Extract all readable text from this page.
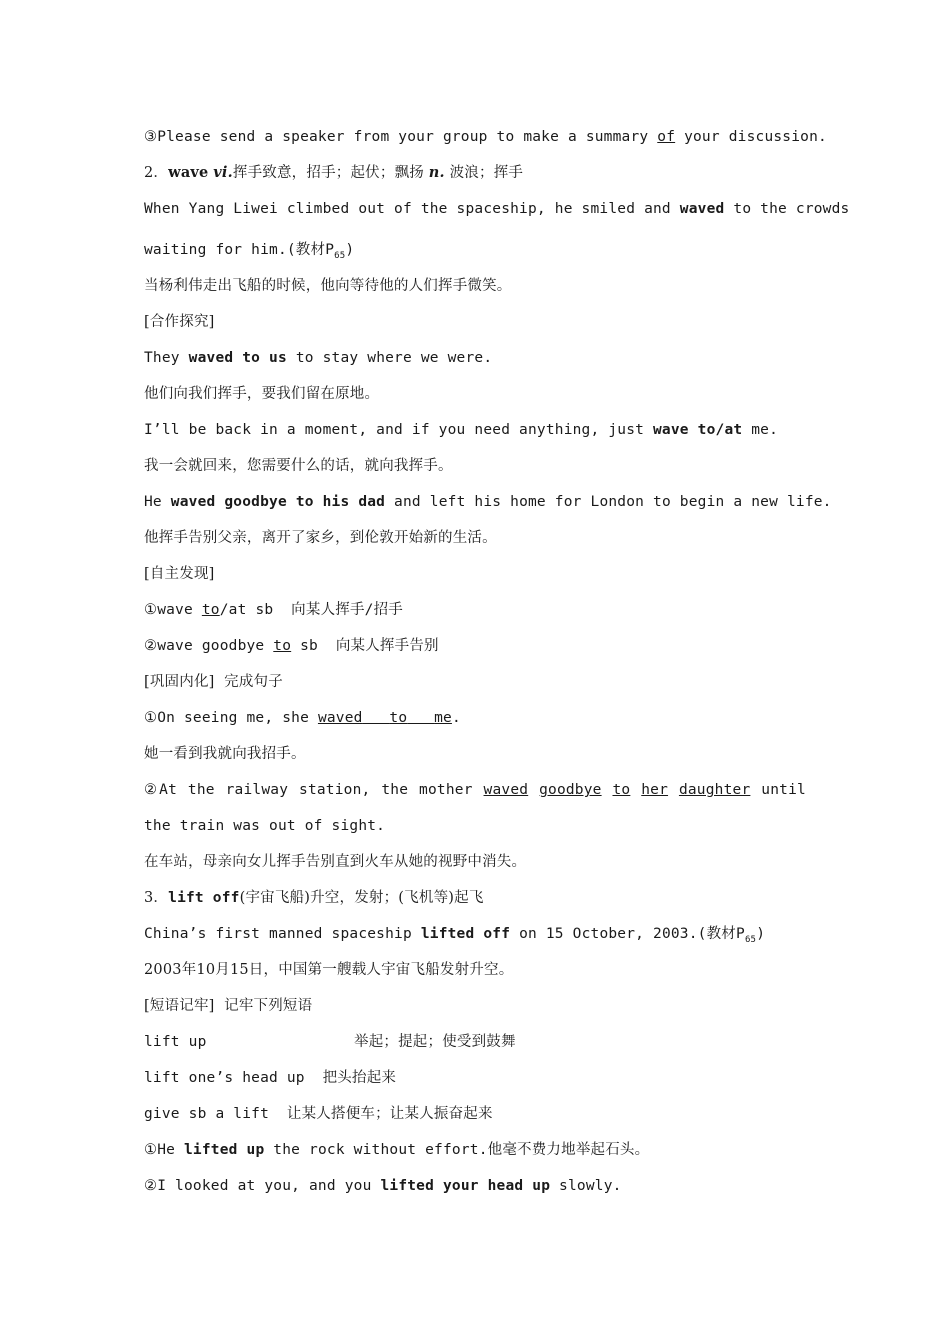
③Please send a speaker from your group to make a summary of your discussion.
2．wave vi.挥手致意，招手；起伏；飘扬 n. 波浪；挥手
When Yang Liwei climbed out of the spaceship, he smiled and waved to the crowds
waiting for him.(教材$P_{65}$)
当杨利伟走出飞船的时候，他向等待他的人们挥手微笑。
[合作探究]
They waved to us to stay where we were.
他们向我们挥手，要我们留在原地。
I’ll be back in a moment, and if you need anything, just wave to/at me.
我一会就回来，您需要什么的话，就向我挥手。
He waved goodbye to his dad and left his home for London to begin a new life.
他挥手告别父亲，离开了家乡，到伦敦开始新的生活。
[自主发现]
①wave to/at sb  向某人挥手/招手
②wave goodbye to sb  向某人挥手告别
[巩固内化]  完成句子
①On seeing me, she waved to me.
她一看到我就向我招手。
②At the railway station, the mother waved goodbye to her daughter until
the train was out of sight.
在车站，母亲向女儿挥手告别直到火车从她的视野中消失。
3．lift off(宇宙飞船)升空，发射；(飞机等)起飞
China’s first manned spaceship lifted off on 15 October, 2003.(教材$P_{65}$)
2003年10月15日，中国第一艘载人宇宙飞船发射升空。
[短语记牢]  记牢下列短语
lift up	举起；提起；使受到鼓舞
lift one’s head up  把头抬起来
give sb a lift  让某人搭便车；让某人振奋起来
①He lifted up the rock without effort.他毫不费力地举起石头。
②I looked at you, and you lifted your head up slowly.
